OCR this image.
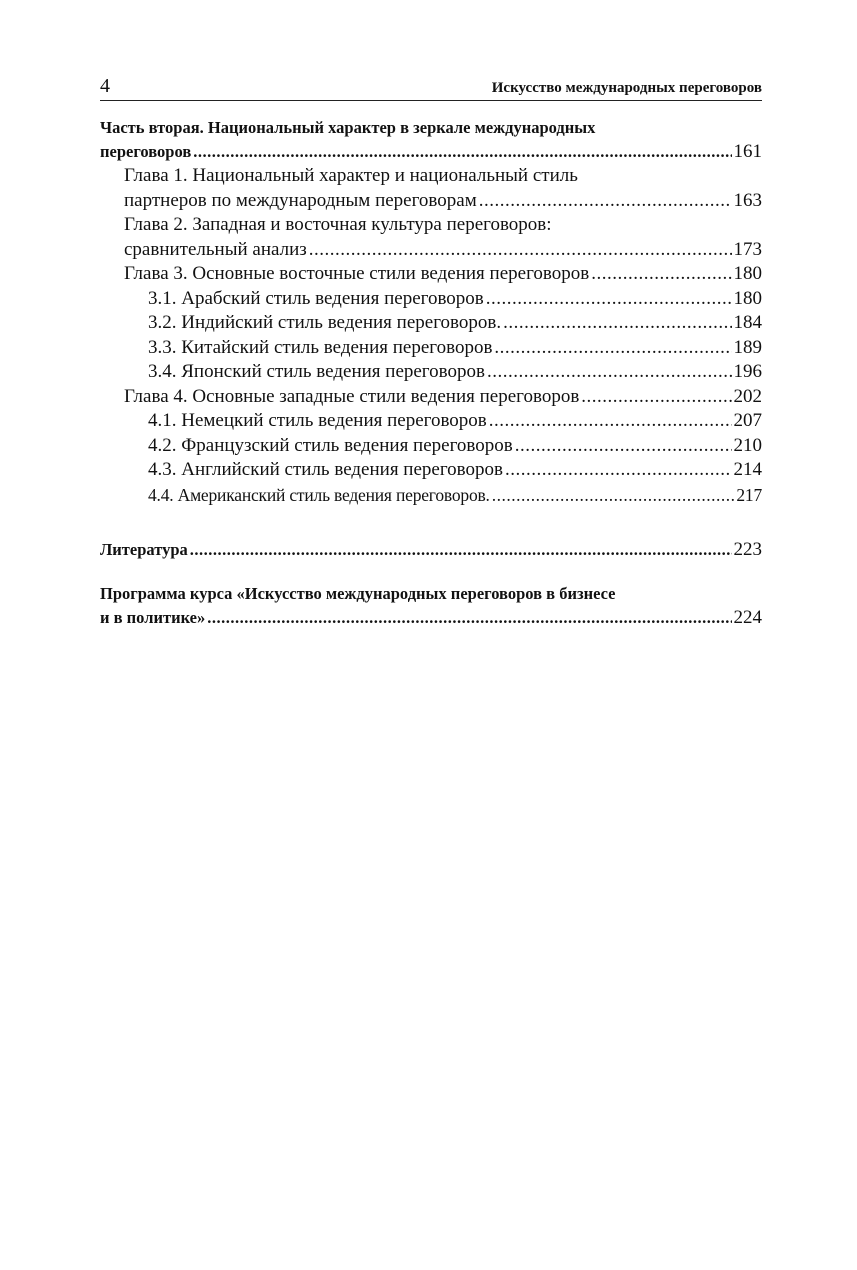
4	Искусство международных переговоров
Часть вторая. Национальный характер в зеркале международных
переговоров .....	161
Глава 1. Национальный характер и национальный стиль
партнеров по международным переговорам .....	163
Глава 2. Западная и восточная культура переговоров:
сравнительный анализ .....	173
Глава 3. Основные восточные стили ведения переговоров .....	180
3.1. Арабский стиль ведения переговоров .....	180
3.2. Индийский стиль ведения переговоров. .....	184
3.3. Китайский стиль ведения переговоров .....	189
3.4. Японский стиль ведения переговоров .....	196
Глава 4. Основные западные стили ведения переговоров .....	202
4.1. Немецкий стиль ведения переговоров .....	207
4.2. Французский стиль ведения переговоров .....	210
4.3. Английский стиль ведения переговоров .....	214
4.4. Американский стиль ведения переговоров. .....	217
Литература .....	223
Программа курса «Искусство международных переговоров в бизнесе
и в политике» .....	224
